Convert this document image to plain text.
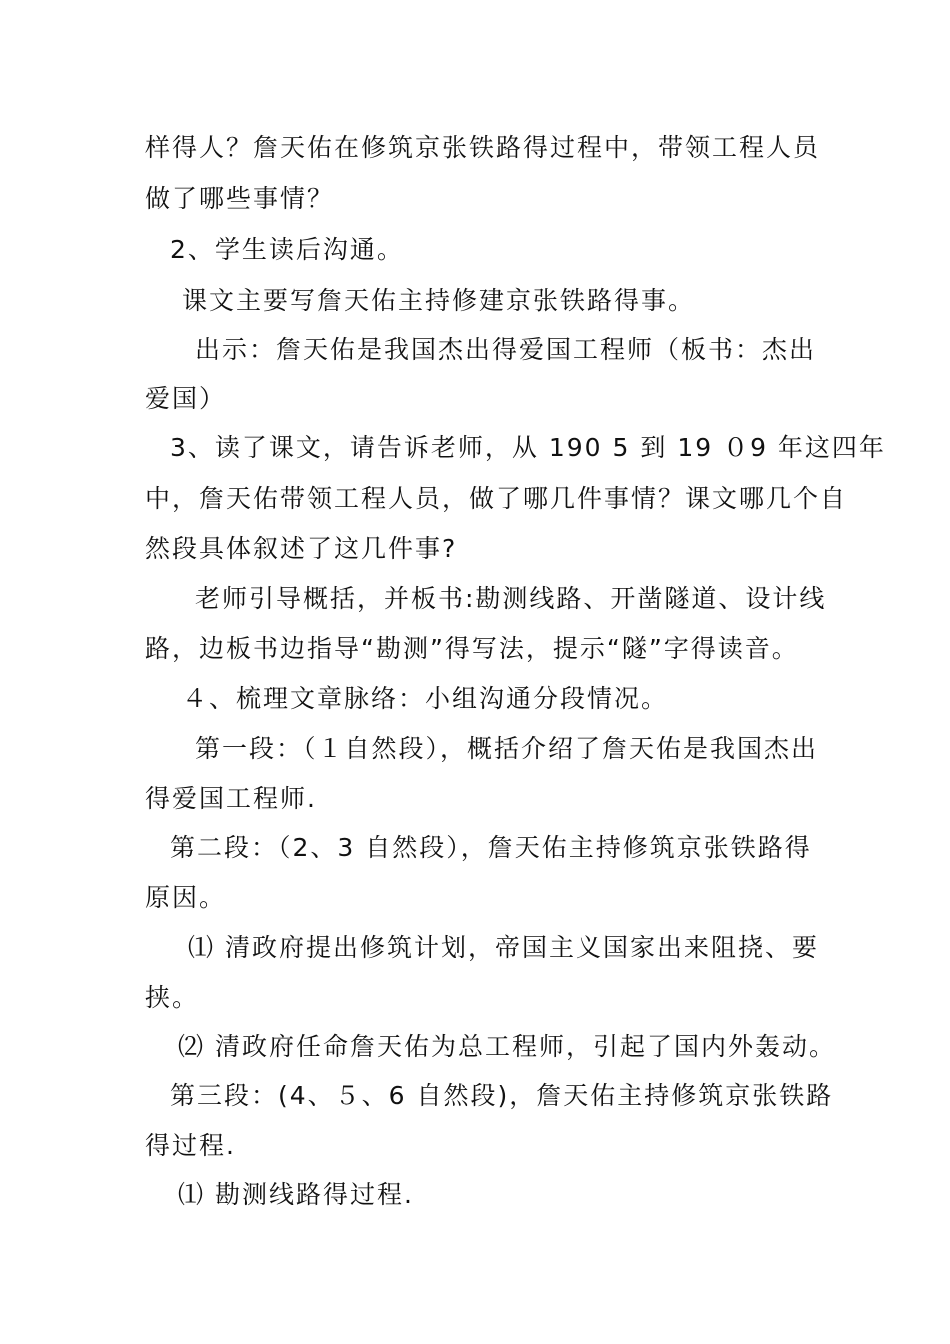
样得人？詹天佑在修筑京张铁路得过程中，带领工程人员
做了哪些事情？
2、学生读后沟通。
课文主要写詹天佑主持修建京张铁路得事。
出示：詹天佑是我国杰出得爱国工程师（板书：杰出
爱国）
3、读了课文，请告诉老师，从 190 5 到 19 ０9 年这四年
中，詹天佑带领工程人员，做了哪几件事情？课文哪几个自
然段具体叙述了这几件事?
老师引导概括，并板书:勘测线路、开凿隧道、设计线
路，边板书边指导“勘测”得写法，提示“隧”字得读音。
４、梳理文章脉络：小组沟通分段情况。
第一段：（１自然段），概括介绍了詹天佑是我国杰出
得爱国工程师.
第二段：（2、3 自然段），詹天佑主持修筑京张铁路得
原因。
⑴ 清政府提出修筑计划，帝国主义国家出来阻挠、要
挟。
⑵ 清政府任命詹天佑为总工程师，引起了国内外轰动。
第三段：(4、５、6 自然段)，詹天佑主持修筑京张铁路
得过程.
⑴ 勘测线路得过程.
